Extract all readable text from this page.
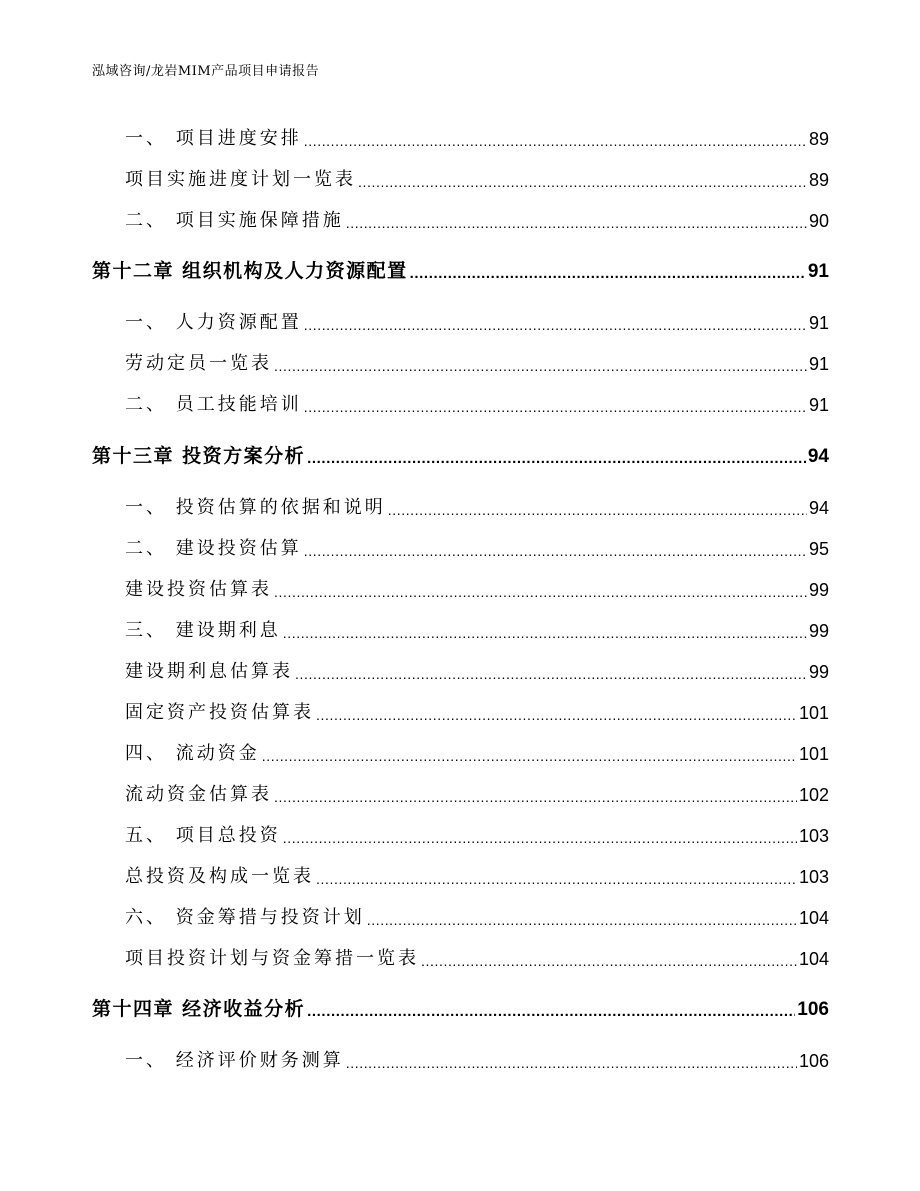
泓域咨询/龙岩MIM产品项目申请报告
一、 项目进度安排 .....	89
项目实施进度计划一览表 .....	89
二、 项目实施保障措施 .....	90
第十二章 组织机构及人力资源配置 .....	91
一、 人力资源配置 .....	91
劳动定员一览表 .....	91
二、 员工技能培训 .....	91
第十三章 投资方案分析 .....	94
一、 投资估算的依据和说明 .....	94
二、 建设投资估算 .....	95
建设投资估算表 .....	99
三、 建设期利息 .....	99
建设期利息估算表 .....	99
固定资产投资估算表 .....	101
四、 流动资金 .....	101
流动资金估算表 .....	102
五、 项目总投资 .....	103
总投资及构成一览表 .....	103
六、 资金筹措与投资计划 .....	104
项目投资计划与资金筹措一览表 .....	104
第十四章 经济收益分析 .....	106
一、 经济评价财务测算 .....	106
